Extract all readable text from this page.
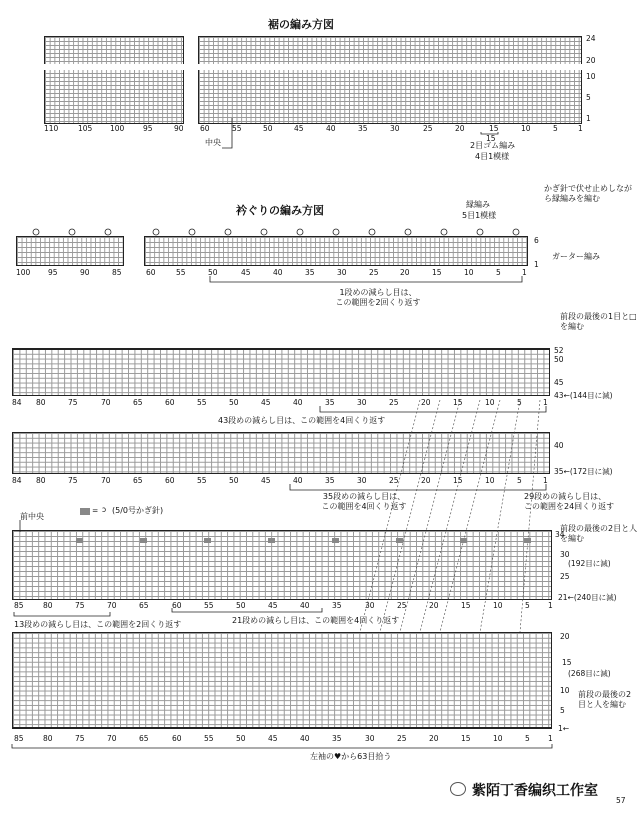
裾の編み方図
110	105 100 95	90 60	55	50	45	40	35	30	25	20	15	10	5	1
24
20
10
5
1
中央	15
2目ゴム編み
4目1模様
衿ぐりの編み方図
かぎ針で伏せ止めしながら縁編みを編む
縁編み
5目1模様
ガーター編み
6
1
100 95	90	85	60	55	50	45	40	35	30	25	20	15	10	5	1
1段めの減らし目は、
この範囲を2回くり返す
前段の最後の1目と□を編む
52
50
45
43←(144目に減)
84 80	75	70	65	60	55	50	45	40	35	30	25	20	15	10	5	1
43段めの減らし目は、この範囲を4回くり返す
40
35←(172目に減)
84 80	75	70	65	60	55	50	45	40	35	30	25	20	15	10	5	1
35段めの減らし目は、
この範囲を4回くり返す
29段めの減らし目は、
この範囲を24回くり返す
= ↄ (5/0号かぎ針)
前中央
前段の最後の2目と人を編む
34
30
(192目に減)
25
21←(240目に減)
85	80	75	70	65	60	55	50	45	40	35	30	25	20	15	10	5 1
13段めの減らし目は、この範囲を2回くり返す	21段めの減らし目は、この範囲を4回くり返す
20
15
(268目に減)
10
5
1←
前段の最後の2目と人を編む
85	80	75	70	65	60	55	50	45	40	35	30	25	20	15	10	5 1
左袖の♥から63目拾う
紫陌丁香编织工作室
57
